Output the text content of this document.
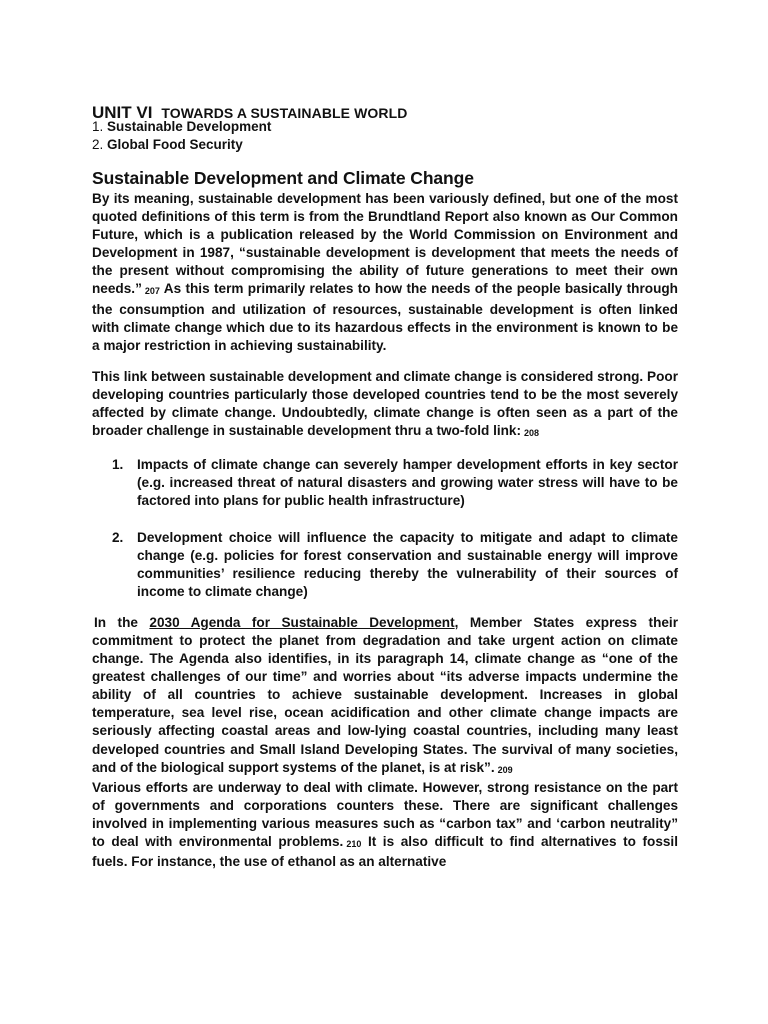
UNIT VI TOWARDS A SUSTAINABLE WORLD
1. Sustainable Development
2. Global Food Security
Sustainable Development and Climate Change

By its meaning, sustainable development has been variously defined, but one of the most quoted definitions of this term is from the Brundtland Report also known as Our Common Future, which is a publication released by the World Commission on Environment and Development in 1987, “sustainable development is development that meets the needs of the present without compromising the ability of future generations to meet their own needs.” 207 As this term primarily relates to how the needs of the people basically through the consumption and utilization of resources, sustainable development is often linked with climate change which due to its hazardous effects in the environment is known to be a major restriction in achieving sustainability.

This link between sustainable development and climate change is considered strong. Poor developing countries particularly those developed countries tend to be the most severely affected by climate change. Undoubtedly, climate change is often seen as a part of the broader challenge in sustainable development thru a two-fold link: 208

1. Impacts of climate change can severely hamper development efforts in key sector (e.g. increased threat of natural disasters and growing water stress will have to be factored into plans for public health infrastructure)
2. Development choice will influence the capacity to mitigate and adapt to climate change (e.g. policies for forest conservation and sustainable energy will improve communities’ resilience reducing thereby the vulnerability of their sources of income to climate change)

In the 2030 Agenda for Sustainable Development, Member States express their commitment to protect the planet from degradation and take urgent action on climate change. The Agenda also identifies, in its paragraph 14, climate change as “one of the greatest challenges of our time” and worries about “its adverse impacts undermine the ability of all countries to achieve sustainable development. Increases in global temperature, sea level rise, ocean acidification and other climate change impacts are seriously affecting coastal areas and low-lying coastal countries, including many least developed countries and Small Island Developing States. The survival of many societies, and of the biological support systems of the planet, is at risk”. 209

Various efforts are underway to deal with climate. However, strong resistance on the part of governments and corporations counters these. There are significant challenges involved in implementing various measures such as “carbon tax” and ‘carbon neutrality” to deal with environmental problems. 210 It is also difficult to find alternatives to fossil fuels. For instance, the use of ethanol as an alternative
